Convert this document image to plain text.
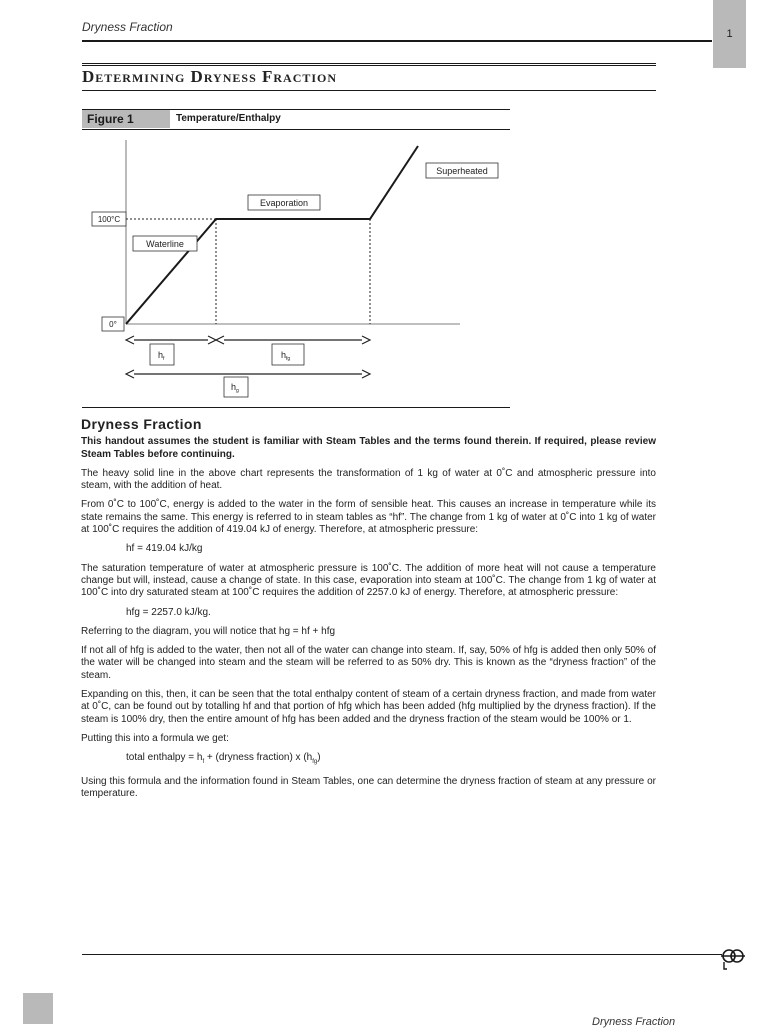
Dryness Fraction	1
Determining Dryness Fraction
Figure 1	Temperature/Enthalpy
Superheated
Evaporation
Waterline
100°C
0°
$h_f$	$h_{fg}$
$h_g$
Dryness Fraction

This handout assumes the student is familiar with Steam Tables and the terms found therein. If required, please review Steam Tables before continuing.

The heavy solid line in the above chart represents the transformation of 1 kg of water at 0˚C and atmospheric pressure into steam, with the addition of heat.

From 0˚C to 100˚C, energy is added to the water in the form of sensible heat. This causes an increase in temperature while its state remains the same. This energy is referred to in steam tables as “hf”. The change from 1 kg of water at 0˚C into 1 kg of water at 100˚C requires the addition of 419.04 kJ of energy. Therefore, at atmospheric pressure:

hf = 419.04 kJ/kg

The saturation temperature of water at atmospheric pressure is 100˚C. The addition of more heat will not cause a temperature change but will, instead, cause a change of state. In this case, evaporation into steam at 100˚C. The change from 1 kg of water at 100˚C into dry saturated steam at 100˚C requires the addition of 2257.0 kJ of energy. Therefore, at atmospheric pressure:

hfg = 2257.0 kJ/kg.

Referring to the diagram, you will notice that hg = hf + hfg

If not all of hfg is added to the water, then not all of the water can change into steam. If, say, 50% of hfg is added then only 50% of the water will be changed into steam and the steam will be referred to as 50% dry. This is known as the “dryness fraction” of the steam.

Expanding on this, then, it can be seen that the total enthalpy content of steam of a certain dryness fraction, and made from water at 0˚C, can be found out by totalling hf and that portion of hfg which has been added (hfg multiplied by the dryness fraction). If the steam is 100% dry, then the entire amount of hfg has been added and the dryness fraction of the steam would be 100% or 1.

Putting this into a formula we get:

total enthalpy = $h_f$ + (dryness fraction) x $(h_{fg})$

Using this formula and the information found in Steam Tables, one can determine the dryness fraction of steam at any pressure or temperature.

Dryness Fraction
